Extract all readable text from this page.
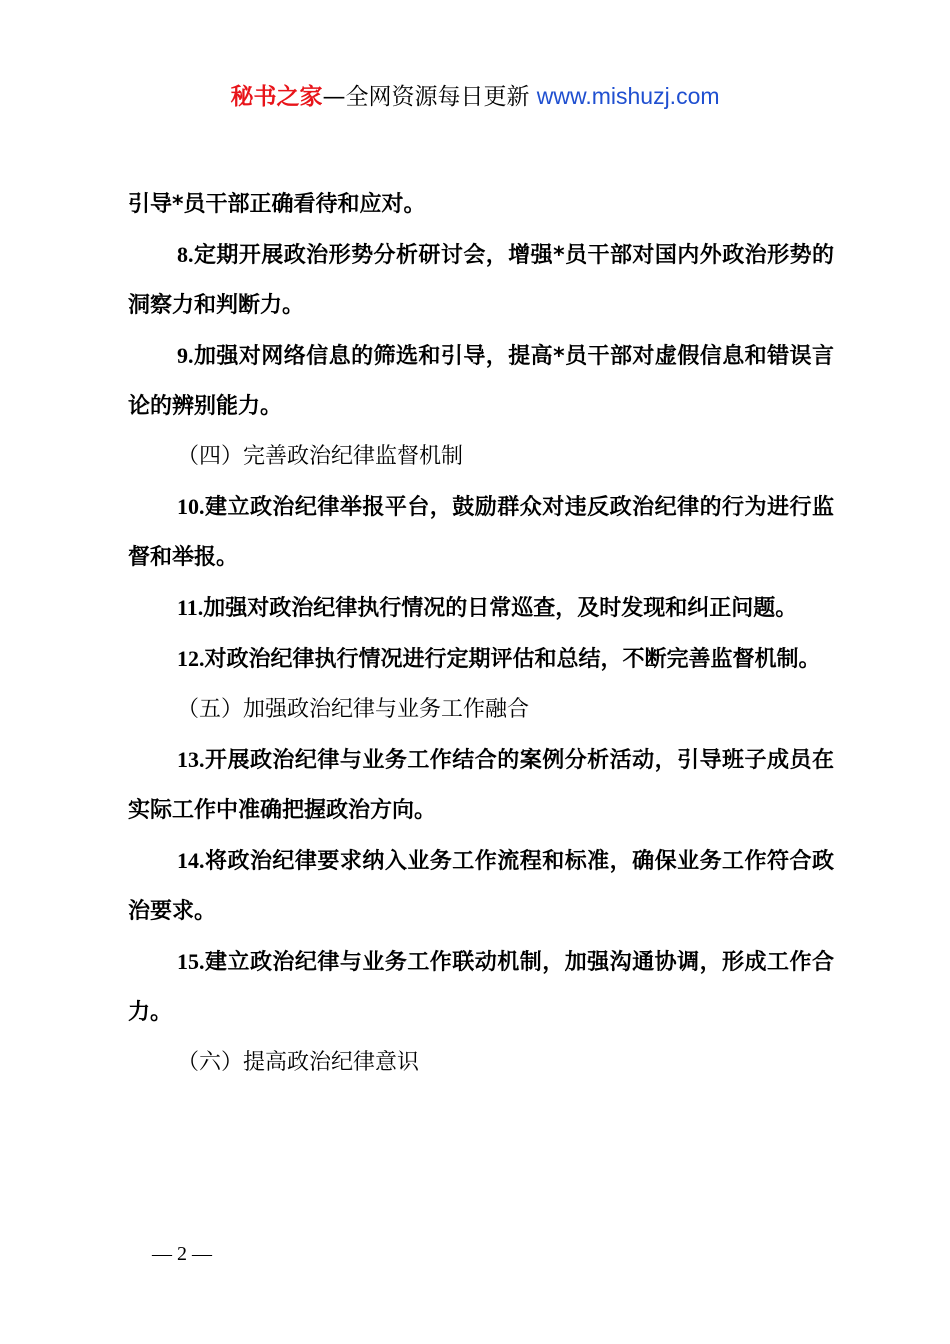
秘书之家—全网资源每日更新 www.mishuzj.com

引导*员干部正确看待和应对。

8.定期开展政治形势分析研讨会，增强*员干部对国内外政治形势的洞察力和判断力。

9.加强对网络信息的筛选和引导，提高*员干部对虚假信息和错误言论的辨别能力。

（四）完善政治纪律监督机制

10.建立政治纪律举报平台，鼓励群众对违反政治纪律的行为进行监督和举报。

11.加强对政治纪律执行情况的日常巡查，及时发现和纠正问题。

12.对政治纪律执行情况进行定期评估和总结，不断完善监督机制。

（五）加强政治纪律与业务工作融合

13.开展政治纪律与业务工作结合的案例分析活动，引导班子成员在实际工作中准确把握政治方向。

14.将政治纪律要求纳入业务工作流程和标准，确保业务工作符合政治要求。

15.建立政治纪律与业务工作联动机制，加强沟通协调，形成工作合力。

（六）提高政治纪律意识

— 2 —
